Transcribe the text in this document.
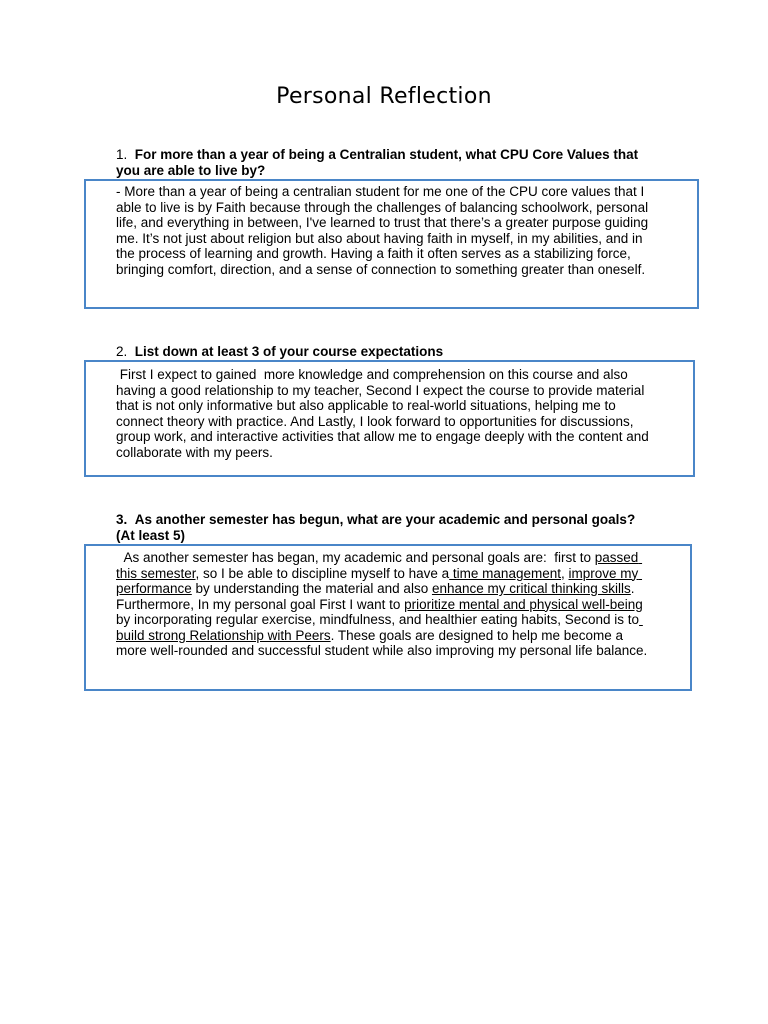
Personal Reflection
1. For more than a year of being a Centralian student, what CPU Core Values that you are able to live by?
- More than a year of being a centralian student for me one of the CPU core values that I able to live is by Faith because through the challenges of balancing schoolwork, personal life, and everything in between, I've learned to trust that there’s a greater purpose guiding me. It’s not just about religion but also about having faith in myself, in my abilities, and in the process of learning and growth. Having a faith it often serves as a stabilizing force, bringing comfort, direction, and a sense of connection to something greater than oneself.
2. List down at least 3 of your course expectations
First I expect to gained  more knowledge and comprehension on this course and also  having a good relationship to my teacher, Second I expect the course to provide material that is not only informative but also applicable to real-world situations, helping me to connect theory with practice. And Lastly, I look forward to opportunities for discussions, group work, and interactive activities that allow me to engage deeply with the content and collaborate with my peers.
3. As another semester has begun, what are your academic and personal goals? (At least 5)
As another semester has began, my academic and personal goals are:  first to passed this semester, so I be able to discipline myself to have a time management, improve my performance by understanding the material and also enhance my critical thinking skills. Furthermore, In my personal goal First I want to prioritize mental and physical well-being by incorporating regular exercise, mindfulness, and healthier eating habits, Second is to build strong Relationship with Peers. These goals are designed to help me become a more well-rounded and successful student while also improving my personal life balance.
